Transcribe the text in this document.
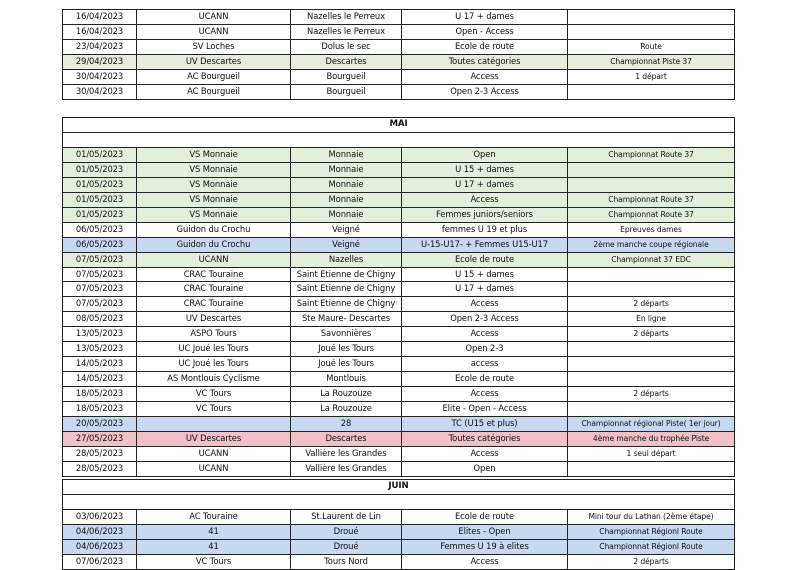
16/04/2023	UCANN	Nazelles le Perreux	U 17 + dames	
16/04/2023	UCANN	Nazelles le Perreux	Open - Access	
23/04/2023	SV Loches	Dolus le sec	Ecole de route	Route
29/04/2023	UV Descartes	Descartes	Toutes catégories	Championnat Piste 37
30/04/2023	AC Bourgueil	Bourgueil	Access	1 départ
30/04/2023	AC Bourgueil	Bourgueil	Open 2-3 Access	
MAI				

01/05/2023	VS Monnaie	Monnaie	Open	Championnat Route 37
01/05/2023	VS Monnaie	Monnaie	U 15 + dames	
01/05/2023	VS Monnaie	Monnaie	U 17 + dames	
01/05/2023	VS Monnaie	Monnaie	Access	Championnat Route 37
01/05/2023	VS Monnaie	Monnaie	Femmes juniors/seniors	Championnat Route 37
06/05/2023	Guidon du Crochu	Veigné	femmes U 19 et plus	Epreuves dames
06/05/2023	Guidon du Crochu	Veigné	U-15-U17- + Femmes U15-U17	2ème manche coupe régionale
07/05/2023	UCANN	Nazelles	Ecole de route	Championnat 37 EDC
07/05/2023	CRAC Touraine	Saint Etienne de Chigny	U 15 + dames	
07/05/2023	CRAC Touraine	Saint Etienne de Chigny	U 17 + dames	
07/05/2023	CRAC Touraine	Saint Etienne de Chigny	Access	2 départs
08/05/2023	UV Descartes	Ste Maure- Descartes	Open 2-3 Access	En ligne
13/05/2023	ASPO Tours	Savonnières	Access	2 départs
13/05/2023	UC Joué les Tours	Joué les Tours	Open 2-3	
14/05/2023	UC Joué les Tours	Joué les Tours	access	
14/05/2023	AS Montlouis Cyclisme	Montlouis	Ecole de route	
18/05/2023	VC Tours	La Rouzouze	Access	2 départs
18/05/2023	VC Tours	La Rouzouze	Elite - Open - Access	
20/05/2023		28	TC (U15 et plus)	Championnat régional Piste( 1er jour)
27/05/2023	UV Descartes	Descartes	Toutes catégories	4ème manche du trophée Piste
28/05/2023	UCANN	Vallière les Grandes	Access	1 seul départ
28/05/2023	UCANN	Vallière les Grandes	Open	
JUIN				

03/06/2023	AC Touraine	St.Laurent de Lin	Ecole de route	Mini tour du Lathan (2ème étape)
04/06/2023	41	Droué	Elites - Open	Championnat Régionl Route
04/06/2023	41	Droué	Femmes U 19 à elites	Championnat Régionl Route
07/06/2023	VC Tours	Tours Nord	Access	2 départs
